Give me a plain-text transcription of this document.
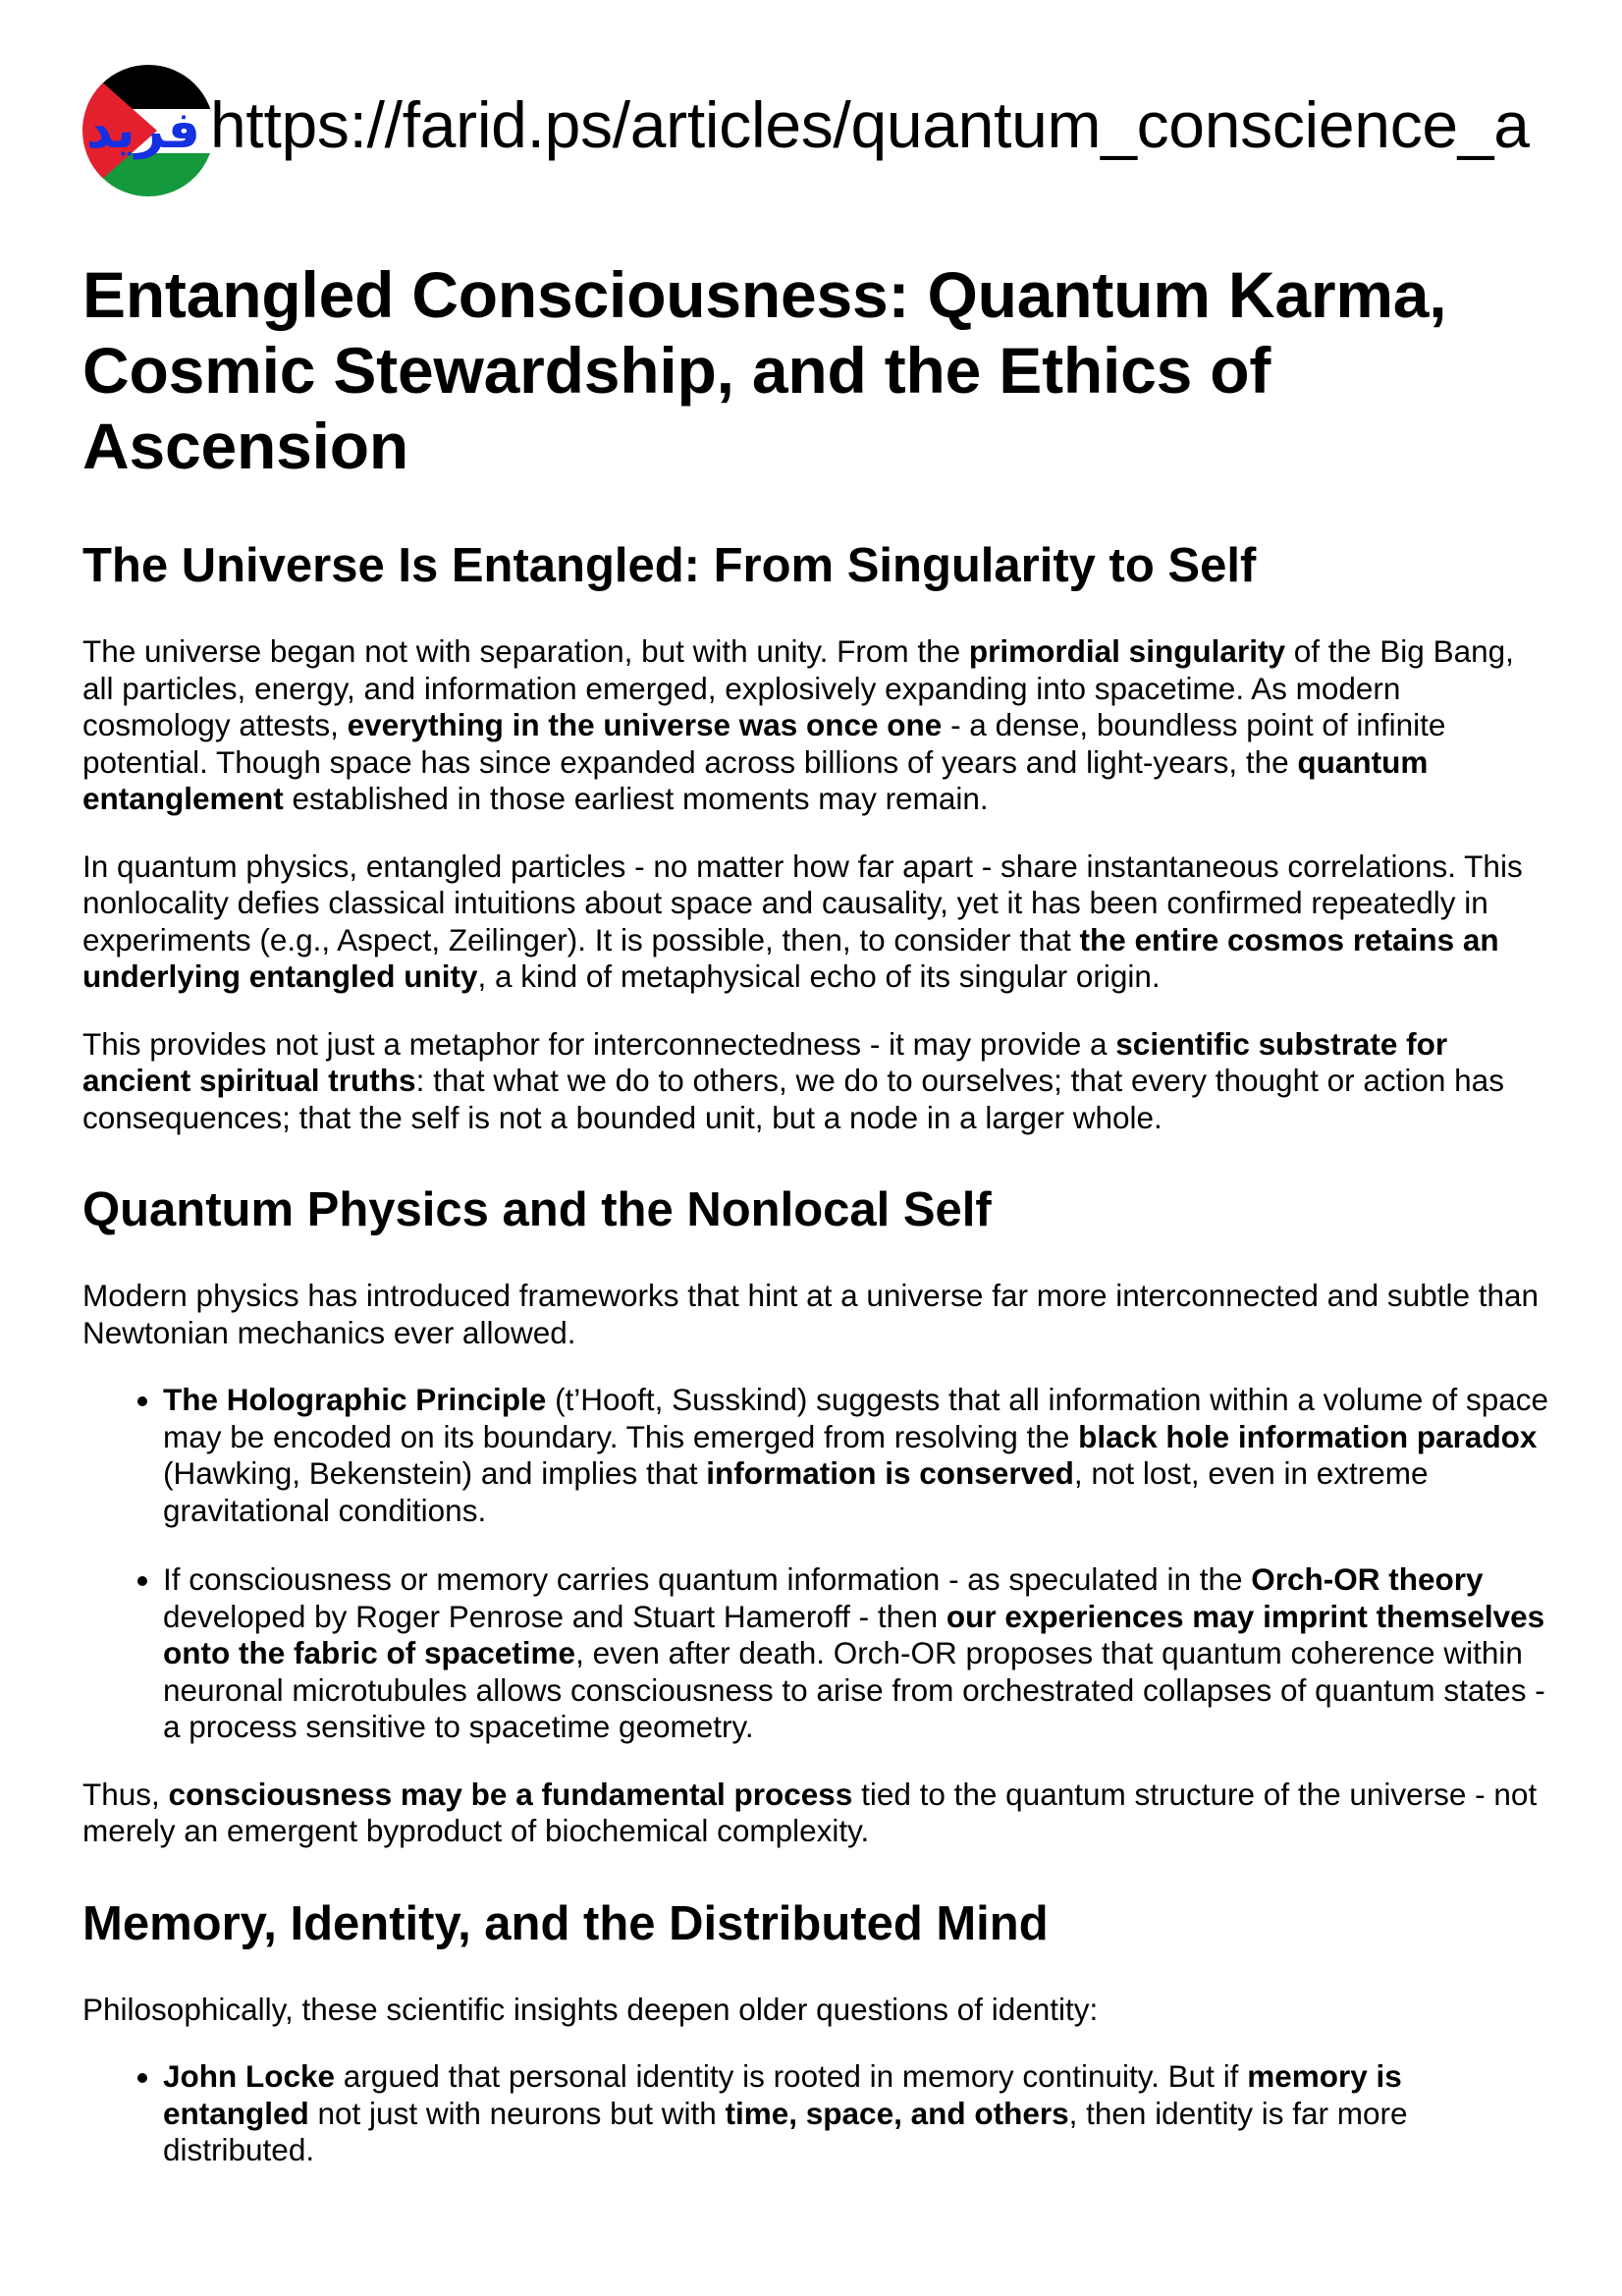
فريد https://farid.ps/articles/quantum_conscience_a
Entangled Consciousness: Quantum Karma, Cosmic Stewardship, and the Ethics of Ascension
The Universe Is Entangled: From Singularity to Self

The universe began not with separation, but with unity. From the primordial singularity of the Big Bang, all particles, energy, and information emerged, explosively expanding into spacetime. As modern cosmology attests, everything in the universe was once one - a dense, boundless point of infinite potential. Though space has since expanded across billions of years and light-years, the quantum entanglement established in those earliest moments may remain.

In quantum physics, entangled particles - no matter how far apart - share instantaneous correlations. This nonlocality defies classical intuitions about space and causality, yet it has been confirmed repeatedly in experiments (e.g., Aspect, Zeilinger). It is possible, then, to consider that the entire cosmos retains an underlying entangled unity, a kind of metaphysical echo of its singular origin.

This provides not just a metaphor for interconnectedness - it may provide a scientific substrate for ancient spiritual truths: that what we do to others, we do to ourselves; that every thought or action has consequences; that the self is not a bounded unit, but a node in a larger whole.

Quantum Physics and the Nonlocal Self

Modern physics has introduced frameworks that hint at a universe far more interconnected and subtle than Newtonian mechanics ever allowed.

• The Holographic Principle (t’Hooft, Susskind) suggests that all information within a volume of space may be encoded on its boundary. This emerged from resolving the black hole information paradox (Hawking, Bekenstein) and implies that information is conserved, not lost, even in extreme gravitational conditions.
• If consciousness or memory carries quantum information - as speculated in the Orch-OR theory developed by Roger Penrose and Stuart Hameroff - then our experiences may imprint themselves onto the fabric of spacetime, even after death. Orch-OR proposes that quantum coherence within neuronal microtubules allows consciousness to arise from orchestrated collapses of quantum states - a process sensitive to spacetime geometry.

Thus, consciousness may be a fundamental process tied to the quantum structure of the universe - not merely an emergent byproduct of biochemical complexity.

Memory, Identity, and the Distributed Mind

Philosophically, these scientific insights deepen older questions of identity:

• John Locke argued that personal identity is rooted in memory continuity. But if memory is entangled not just with neurons but with time, space, and others, then identity is far more distributed.
